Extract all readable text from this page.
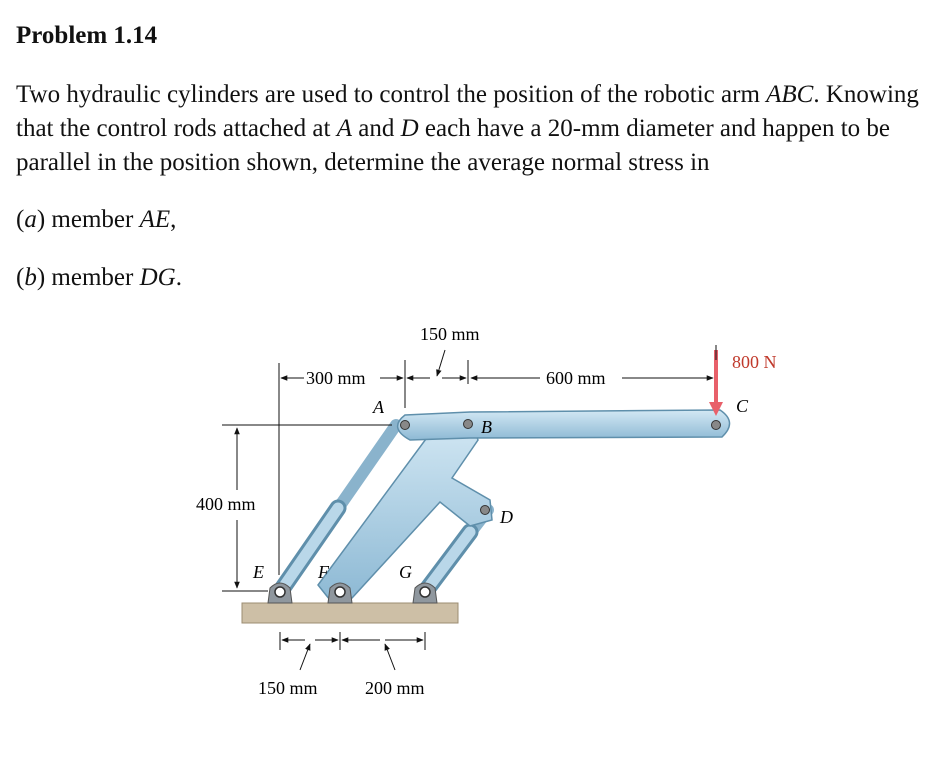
Problem 1.14
Two hydraulic cylinders are used to control the position of the robotic arm ABC. Knowing that the control rods attached at A and D each have a 20-mm diameter and happen to be parallel in the position shown, determine the average normal stress in
(a) member AE,
(b) member DG.
800 N
A
B
C
D
E	F	G
300 mm
150 mm
600 mm
400 mm
150 mm	200 mm
